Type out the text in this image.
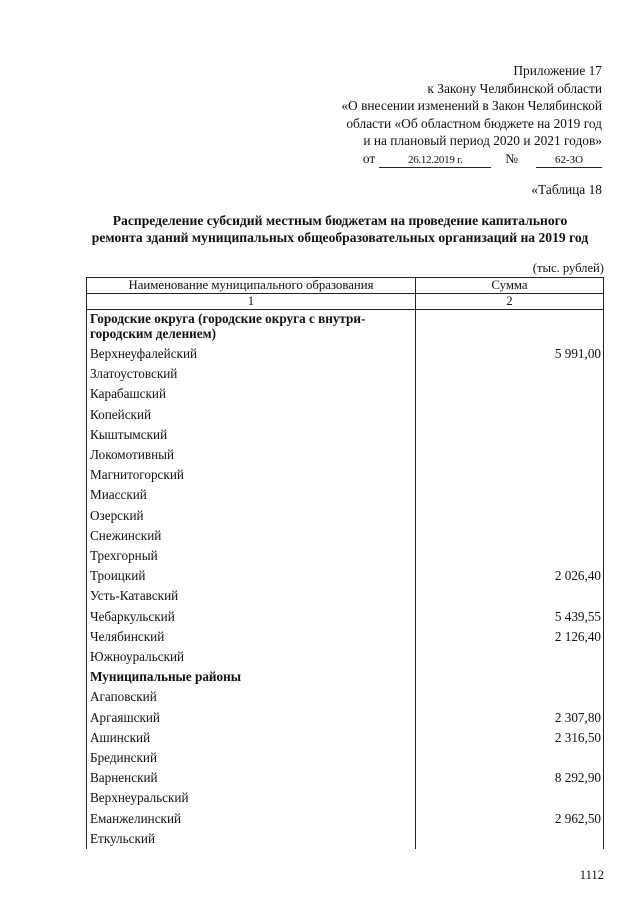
Приложение 17
к Закону Челябинской области
«О внесении изменений в Закон Челябинской
области «Об областном бюджете на 2019 год
и на плановый период 2020 и 2021 годов»
от	26.12.2019 г.	№	62-ЗО
«Таблица 18
Распределение субсидий местным бюджетам на проведение капитального
ремонта зданий муниципальных общеобразовательных организаций на 2019 год
(тыс. рублей)
Наименование муниципального образования	Сумма
1	2
Городские округа (городские округа с внутри-городским делением)	
Верхнеуфалейский	5 991,00
Златоустовский	
Карабашский	
Копейский	
Кыштымский	
Локомотивный	
Магнитогорский	
Миасский	
Озерский	
Снежинский	
Трехгорный	
Троицкий	2 026,40
Усть-Катавский	
Чебаркульский	5 439,55
Челябинский	2 126,40
Южноуральский	
Муниципальные районы	
Агаповский	
Аргаяшский	2 307,80
Ашинский	2 316,50
Брединский	
Варненский	8 292,90
Верхнеуральский	
Еманжелинский	2 962,50
Еткульский	
1112
